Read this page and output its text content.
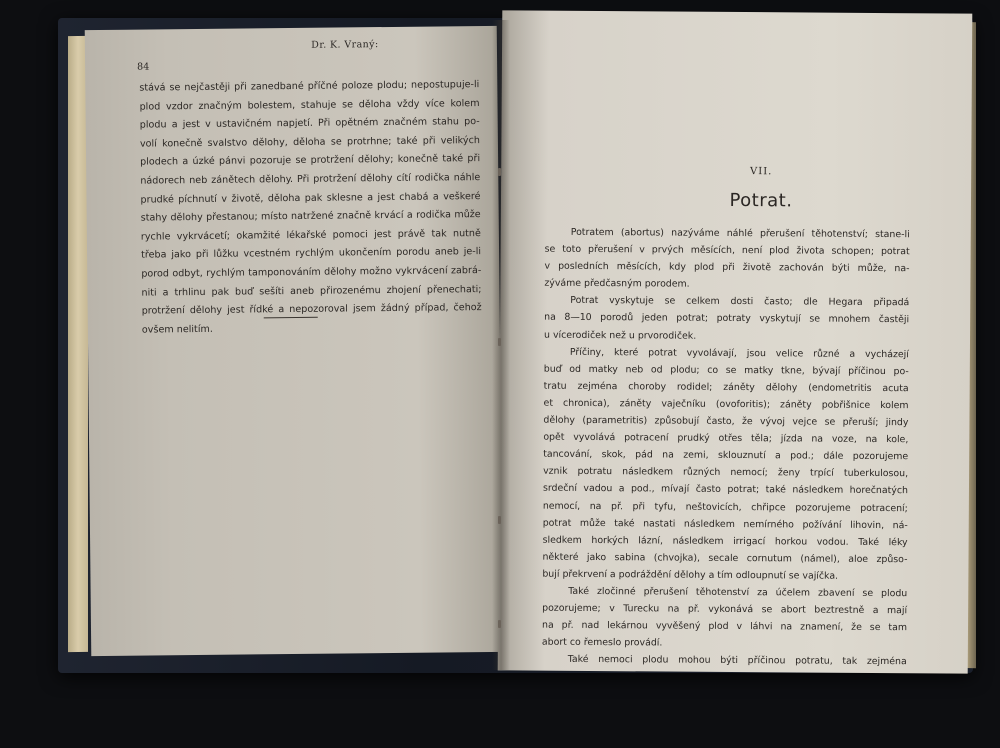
Dr. K. Vraný:
84
stává se nejčastěji při zanedbané příčné poloze plodu; nepostupuje-li
plod vzdor značným bolestem, stahuje se děloha vždy více kolem
plodu a jest v ustavičném napjetí. Při opětném značném stahu po-
volí konečně svalstvo dělohy, děloha se protrhne; také při velikých
plodech a úzké pánvi pozoruje se protržení dělohy; konečně také při
nádorech neb zánětech dělohy. Při protržení dělohy cítí rodička náhle
prudké píchnutí v životě, děloha pak sklesne a jest chabá a veškeré
stahy dělohy přestanou; místo natržené značně krvácí a rodička může
rychle vykrvácetí; okamžité lékařské pomoci jest právě tak nutně
třeba jako při lůžku vcestném rychlým ukončením porodu aneb je-li
porod odbyt, rychlým tamponováním dělohy možno vykrvácení zabrá-
niti a trhlinu pak buď sešíti aneb přirozenému zhojení přenechati;
protržení dělohy jest řídké a nepozoroval jsem žádný případ, čehož
ovšem nelitím.
VII.
Potrat.
Potratem (abortus) nazýváme náhlé přerušení těhotenství; stane-li
se toto přerušení v prvých měsících, není plod života schopen; potrat
v posledních měsících, kdy plod při životě zachován býti může, na-
zýváme předčasným porodem.
Potrat vyskytuje se celkem dosti často; dle Hegara připadá
na 8—10 porodů jeden potrat; potraty vyskytují se mnohem častěji
u vícerodiček než u prvorodiček.
Příčiny, které potrat vyvolávají, jsou velice různé a vycházejí
buď od matky neb od plodu; co se matky tkne, bývají příčinou po-
tratu zejména choroby rodidel; záněty dělohy (endometritis acuta
et chronica), záněty vaječníku (ovoforitis); záněty pobřišnice kolem
dělohy (parametritis) způsobují často, že vývoj vejce se přeruší; jindy
opět vyvolává potracení prudký otřes těla; jízda na voze, na kole,
tancování, skok, pád na zemi, sklouznutí a pod.; dále pozorujeme
vznik potratu následkem různých nemocí; ženy trpící tuberkulosou,
srdeční vadou a pod., mívají často potrat; také následkem horečnatých
nemocí, na př. při tyfu, neštovicích, chřipce pozorujeme potracení;
potrat může také nastati následkem nemírného požívání lihovin, ná-
sledkem horkých lázní, následkem irrigací horkou vodou. Také léky
některé jako sabina (chvojka), secale cornutum (námel), aloe způso-
bují překrvení a podráždění dělohy a tím odloupnutí se vajíčka.
Také zločinné přerušení těhotenství za účelem zbavení se plodu
pozorujeme; v Turecku na př. vykonává se abort beztrestně a mají
na př. nad lekárnou vyvěšený plod v láhvi na znamení, že se tam
abort co řemeslo provádí.
Také nemoci plodu mohou býti příčinou potratu, tak zejména
